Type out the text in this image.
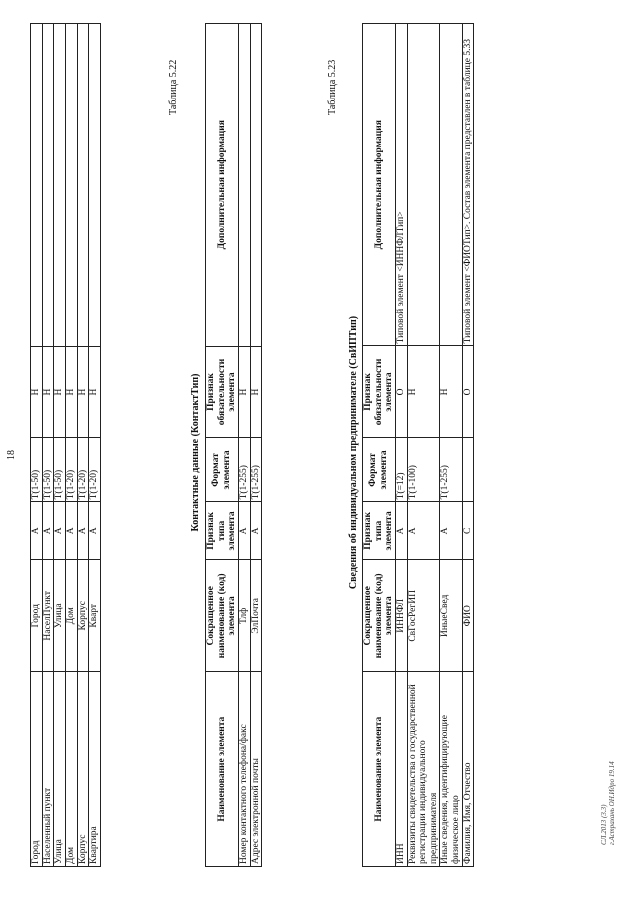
18
Город	Город	А	T(1-50)	Н	
Населенный пункт	НаселПункт	А	T(1-50)	Н	
Улица	Улица	А	T(1-50)	Н	
Дом	Дом	А	T(1-20)	Н	
Корпус	Корпус	А	T(1-20)	Н	
Квартира	Кварт	А	T(1-20)	Н	
Таблица 5.22
Контактные данные (КонтактТип)
Наименование элемента	Сокращенное наименование (код) элемента	Признак типа элемента	Формат элемента	Признак обязательности элемента	Дополнительная информация
Номер контактного телефона/факс	Тлф	А	T(1-255)	Н	
Адрес электронной почты	ЭлПочта	А	T(1-255)	Н	
Таблица 5.23
Сведения об индивидуальном предпринимателе (СвИПТип)
Наименование элемента	Сокращенное наименование (код) элемента	Признак типа элемента	Формат элемента	Признак обязательности элемента	Дополнительная информация
ИНН	ИННФЛ	А	T(=12)	О	Типовой элемент <ИННФЛТип>
Реквизиты свидетельства о государственной регистрации индивидуального предпринимателя	СвГосРегИП	А	T(1-100)	Н	
Иные сведения, идентифицирующие физическое лицо	ИныеСвед	А	T(1-255)	Н	
Фамилия, Имя, Отчество	ФИО	С		О	Типовой элемент <ФИОТип>. Состав элемента представлен в таблице 5.33
СЛ.2013 (3.3) г.Астрахань ОН.Идро 19.14
